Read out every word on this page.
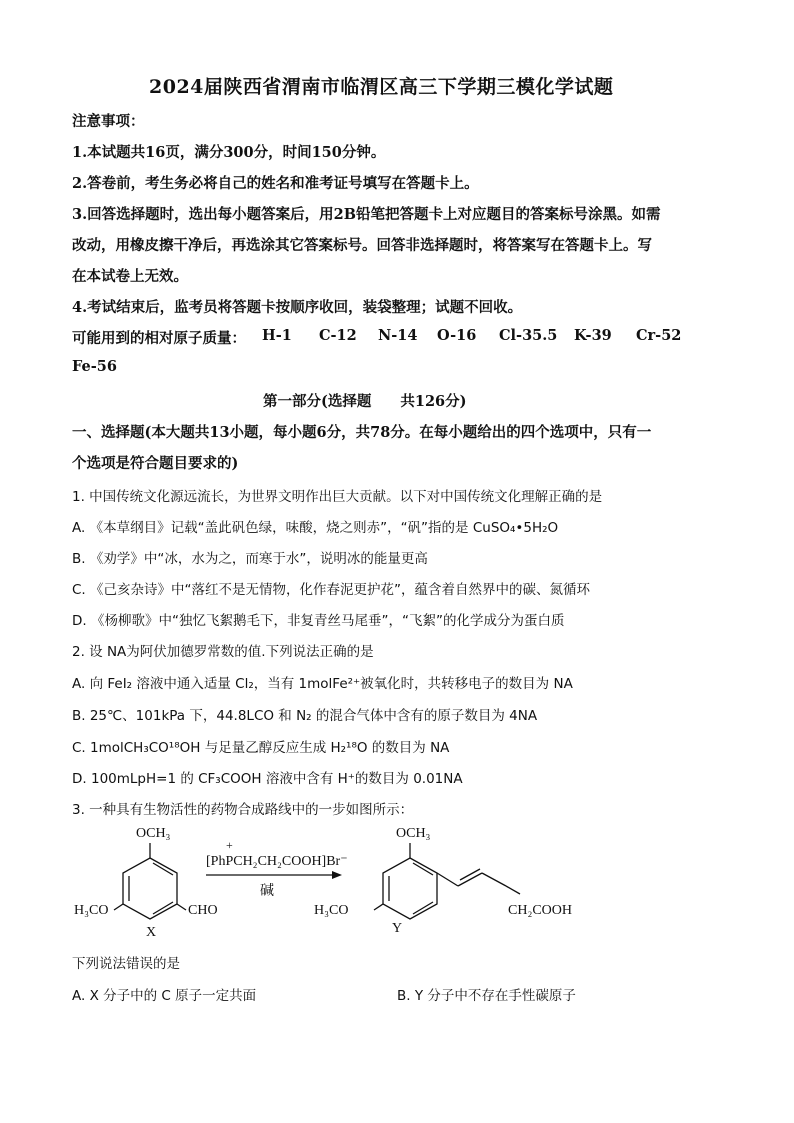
2024届陕西省渭南市临渭区高三下学期三模化学试题
注意事项：
1.本试题共16页，满分300分，时间150分钟。
2.答卷前，考生务必将自己的姓名和准考证号填写在答题卡上。
3.回答选择题时，选出每小题答案后，用2B铅笔把答题卡上对应题目的答案标号涂黑。如需
改动，用橡皮擦干净后，再选涂其它答案标号。回答非选择题时，将答案写在答题卡上。写
在本试卷上无效。
4.考试结束后，监考员将答题卡按顺序收回，装袋整理；试题不回收。
可能用到的相对原子质量： H-1 C-12 N-14 O-16 Cl-35.5 K-39 Cr-52
Fe-56
第一部分(选择题　　共126分)
一、选择题(本大题共13小题，每小题6分，共78分。在每小题给出的四个选项中，只有一
个选项是符合题目要求的)
1. 中国传统文化源远流长，为世界文明作出巨大贡献。以下对中国传统文化理解正确的是
A. 《本草纲目》记载“盖此矾色绿，味酸，烧之则赤”，“矾”指的是 CuSO₄•5H₂O
B. 《劝学》中“冰，水为之，而寒于水”，说明冰的能量更高
C. 《己亥杂诗》中“落红不是无情物，化作春泥更护花”，蕴含着自然界中的碳、氮循环
D. 《杨柳歌》中“独忆飞絮鹅毛下，非复青丝马尾垂”，“飞絮”的化学成分为蛋白质
2. 设 NA为阿伏加德罗常数的值.下列说法正确的是
A. 向 FeI₂ 溶液中通入适量 Cl₂，当有 1molFe²⁺被氧化时，共转移电子的数目为 NA
B. 25℃、101kPa 下，44.8LCO 和 N₂ 的混合气体中含有的原子数目为 4NA
C. 1molCH₃CO¹⁸OH 与足量乙醇反应生成 H₂¹⁸O 的数目为 NA
D. 100mLpH=1 的 CF₃COOH 溶液中含有 H⁺的数目为 0.01NA
3. 一种具有生物活性的药物合成路线中的一步如图所示：
OCH₃
H₃CO	CHO
X
+
[PhPCH₂CH₂COOH]Br⁻
碱
OCH₃
H₃CO	CH₂COOH
Y
下列说法错误的是
A. X 分子中的 C 原子一定共面	B. Y 分子中不存在手性碳原子
